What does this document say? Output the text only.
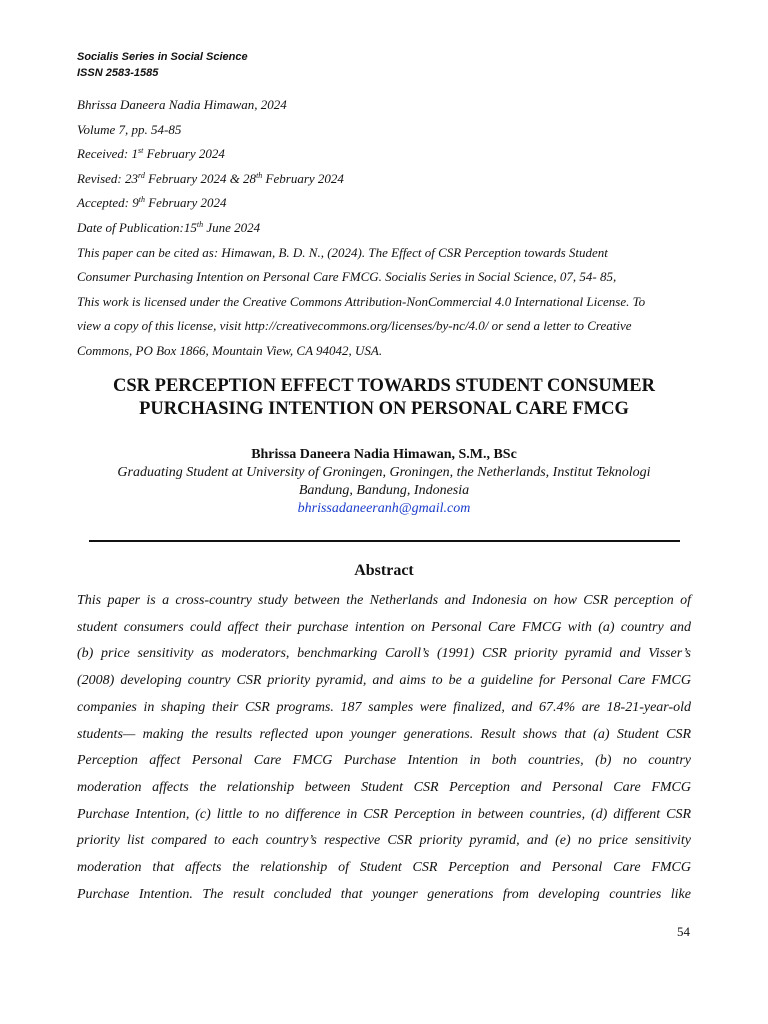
Socialis Series in Social Science
ISSN 2583-1585
Bhrissa Daneera Nadia Himawan, 2024
Volume 7, pp. 54-85
Received: 1st February 2024
Revised: 23rd February 2024 & 28th February 2024
Accepted: 9th February 2024
Date of Publication:15th June 2024
This paper can be cited as: Himawan, B. D. N., (2024). The Effect of CSR Perception towards Student
Consumer Purchasing Intention on Personal Care FMCG. Socialis Series in Social Science, 07, 54- 85,
This work is licensed under the Creative Commons Attribution-NonCommercial 4.0 International License. To
view a copy of this license, visit http://creativecommons.org/licenses/by-nc/4.0/ or send a letter to Creative
Commons, PO Box 1866, Mountain View, CA 94042, USA.
CSR PERCEPTION EFFECT TOWARDS STUDENT CONSUMER
PURCHASING INTENTION ON PERSONAL CARE FMCG
Bhrissa Daneera Nadia Himawan, S.M., BSc
Graduating Student at University of Groningen, Groningen, the Netherlands, Institut Teknologi
Bandung, Bandung, Indonesia
bhrissadaneeranh@gmail.com
Abstract
This paper is a cross-country study between the Netherlands and Indonesia on how CSR perception of
student consumers could affect their purchase intention on Personal Care FMCG with (a) country and
(b) price sensitivity as moderators, benchmarking Caroll’s (1991) CSR priority pyramid and Visser’s
(2008) developing country CSR priority pyramid, and aims to be a guideline for Personal Care FMCG
companies in shaping their CSR programs. 187 samples were finalized, and 67.4% are 18-21-year-old
students— making the results reflected upon younger generations. Result shows that (a) Student CSR
Perception affect Personal Care FMCG Purchase Intention in both countries, (b) no country
moderation affects the relationship between Student CSR Perception and Personal Care FMCG
Purchase Intention, (c) little to no difference in CSR Perception in between countries, (d) different CSR
priority list compared to each country’s respective CSR priority pyramid, and (e) no price sensitivity
moderation that affects the relationship of Student CSR Perception and Personal Care FMCG
Purchase Intention. The result concluded that younger generations from developing countries like
54
